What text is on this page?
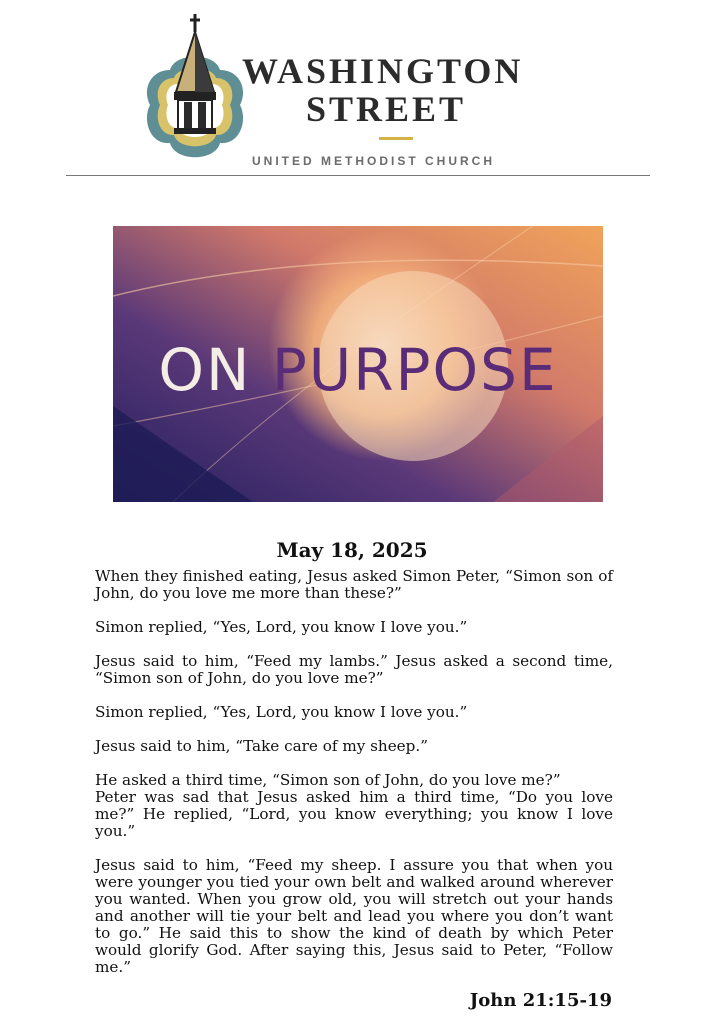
WASHINGTON
STREET
UNITED METHODIST CHURCH
ON PURPOSE
May 18, 2025

When they finished eating, Jesus asked Simon Peter, “Simon son of John, do you love me more than these?”

Simon replied, “Yes, Lord, you know I love you.”

Jesus said to him, “Feed my lambs.” Jesus asked a second time, “Simon son of John, do you love me?”

Simon replied, “Yes, Lord, you know I love you.”

Jesus said to him, “Take care of my sheep.”

He asked a third time, “Simon son of John, do you love me?”

Peter was sad that Jesus asked him a third time, “Do you love me?” He replied, “Lord, you know everything; you know I love you.”

Jesus said to him, “Feed my sheep. I assure you that when you were younger you tied your own belt and walked around wherever you wanted. When you grow old, you will stretch out your hands and another will tie your belt and lead you where you don’t want to go.” He said this to show the kind of death by which Peter would glorify God. After saying this, Jesus said to Peter, “Follow me.”

John 21:15-19
